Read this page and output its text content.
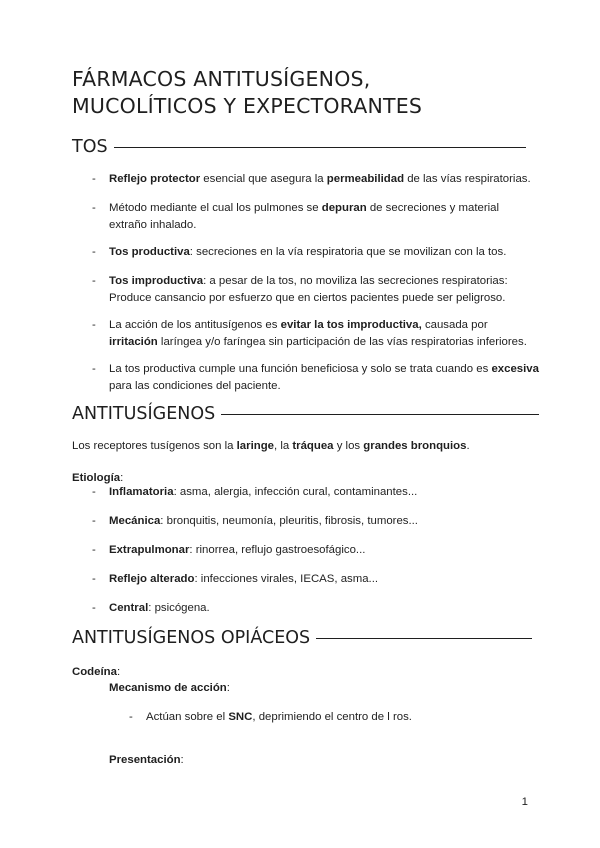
FÁRMACOS ANTITUSÍGENOS,
MUCOLÍTICOS Y EXPECTORANTES
TOS
- Reflejo protector esencial que asegura la permeabilidad de las vías respiratorias.
- Método mediante el cual los pulmones se depuran de secreciones y material
extraño inhalado.
- Tos productiva: secreciones en la vía respiratoria que se movilizan con la tos.
- Tos improductiva: a pesar de la tos, no moviliza las secreciones respiratorias:
Produce cansancio por esfuerzo que en ciertos pacientes puede ser peligroso.
- La acción de los antitusígenos es evitar la tos improductiva, causada por
irritación laríngea y/o faríngea sin participación de las vías respiratorias inferiores.
- La tos productiva cumple una función beneficiosa y solo se trata cuando es excesiva
para las condiciones del paciente.
ANTITUSÍGENOS
Los receptores tusígenos son la laringe, la tráquea y los grandes bronquios.
Etiología:
- Inflamatoria: asma, alergia, infección cural, contaminantes...
- Mecánica: bronquitis, neumonía, pleuritis, fibrosis, tumores...
- Extrapulmonar: rinorrea, reflujo gastroesofágico...
- Reflejo alterado: infecciones virales, IECAS, asma...
- Central: psicógena.
ANTITUSÍGENOS OPIÁCEOS
Codeína:
Mecanismo de acción:
- Actúan sobre el SNC, deprimiendo el centro de l ros.
Presentación:
1
